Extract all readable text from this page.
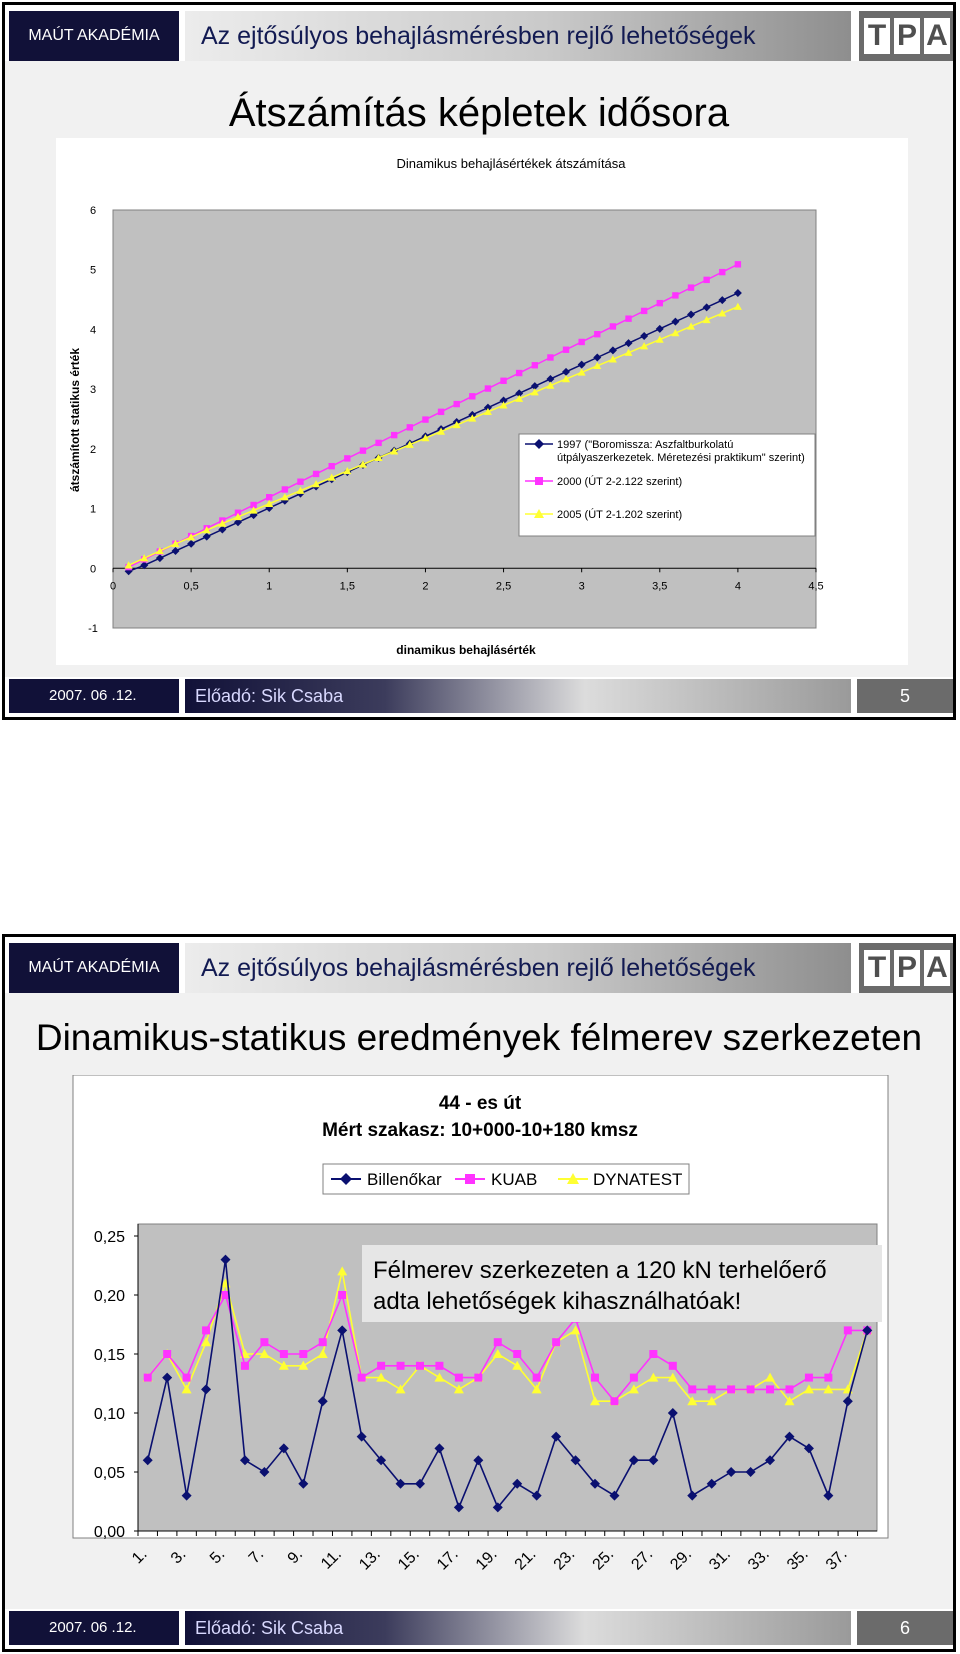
MAÚT AKADÉMIA	Az ejtősúlyos behajlásmérésben rejlő lehetőségek	T P A
Átszámítás képletek idősora
Dinamikus behajlásértékek átszámítása
0	0,5	1	1,5	2	2,5	3	3,5	4	4,5
-1
0
1
2
3
4
5
6
dinamikus behajlásérték
átszámított statikus érték	1997 ("Boromissza: Aszfaltburkolatú útpályaszerkezetek. Méretezési praktikum" szerint)
2000 (ÚT 2-2.122 szerint)
2005 (ÚT 2-1.202 szerint)
2007. 06 .12.	Előadó: Sik Csaba	5
MAÚT AKADÉMIA	Az ejtősúlyos behajlásmérésben rejlő lehetőségek	T P A
Dinamikus-statikus eredmények félmerev szerkezeten
44 - es út
Mért szakasz: 10+000-10+180 kmsz
Billenőkar	KUAB	DYNATEST
0,00
0,05
0,10
0,15
0,20
0,25
1. 3. 5. 7. 9. 11. 13. 15. 17. 19. 21. 23. 25. 27. 29. 31. 33. 35. 37.
Félmerev szerkezeten a 120 kN terhelőerő adta lehetőségek kihasználhatóak!
2007. 06 .12.	Előadó: Sik Csaba	6
